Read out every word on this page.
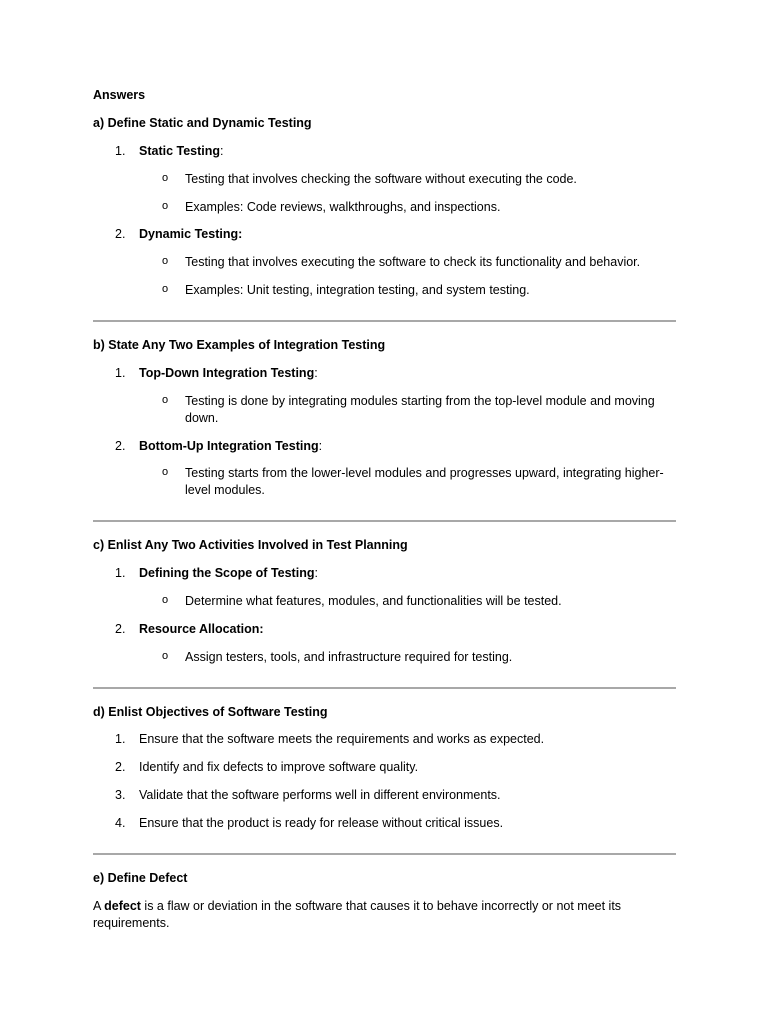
Answers

a) Define Static and Dynamic Testing

1. Static Testing:
o Testing that involves checking the software without executing the code.
o Examples: Code reviews, walkthroughs, and inspections.
2. Dynamic Testing:
o Testing that involves executing the software to check its functionality and behavior.
o Examples: Unit testing, integration testing, and system testing.

b) State Any Two Examples of Integration Testing

1. Top-Down Integration Testing:
o Testing is done by integrating modules starting from the top-level module and moving down.
2. Bottom-Up Integration Testing:
o Testing starts from the lower-level modules and progresses upward, integrating higher-level modules.

c) Enlist Any Two Activities Involved in Test Planning

1. Defining the Scope of Testing:
o Determine what features, modules, and functionalities will be tested.
2. Resource Allocation:
o Assign testers, tools, and infrastructure required for testing.

d) Enlist Objectives of Software Testing

1. Ensure that the software meets the requirements and works as expected.
2. Identify and fix defects to improve software quality.
3. Validate that the software performs well in different environments.
4. Ensure that the product is ready for release without critical issues.

e) Define Defect

A defect is a flaw or deviation in the software that causes it to behave incorrectly or not meet its requirements.
